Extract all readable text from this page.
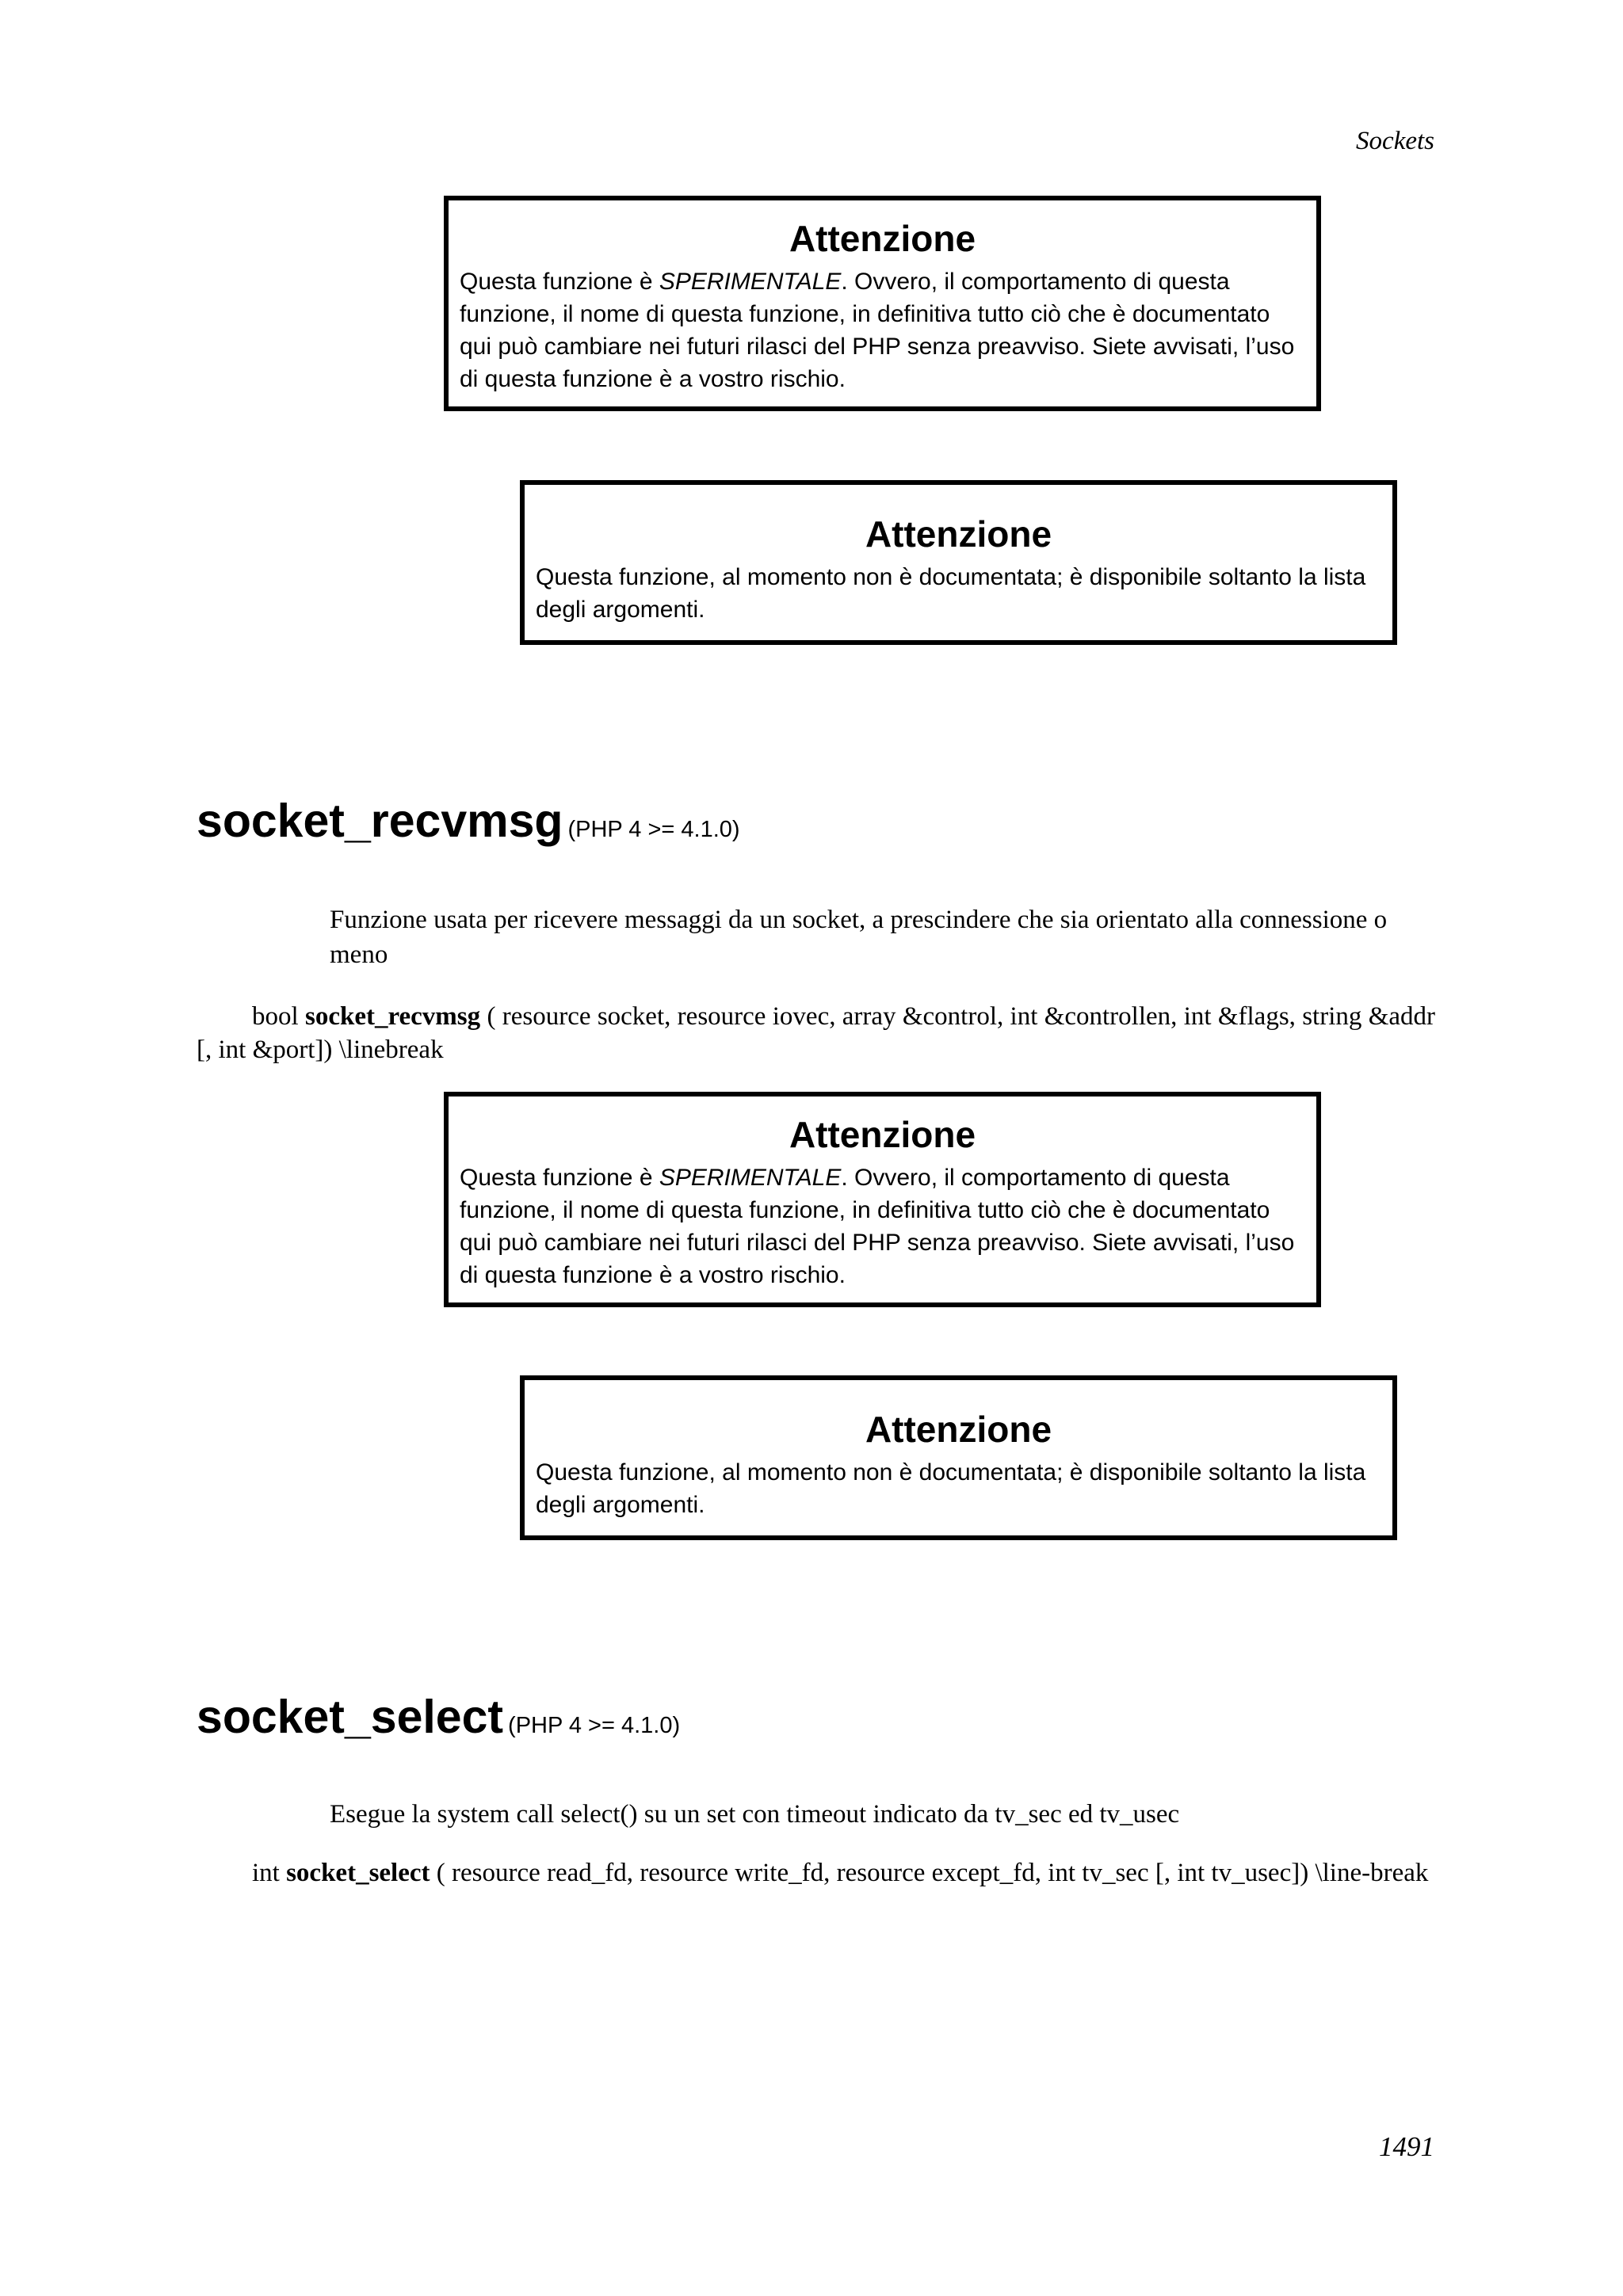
Sockets
Attenzione
Questa funzione è SPERIMENTALE. Ovvero, il comportamento di questa funzione, il nome di questa funzione, in definitiva tutto ciò che è documentato qui può cambiare nei futuri rilasci del PHP senza preavviso. Siete avvisati, l’uso di questa funzione è a vostro rischio.
Attenzione
Questa funzione, al momento non è documentata; è disponibile soltanto la lista degli argomenti.
socket_recvmsg (PHP 4 >= 4.1.0)
Funzione usata per ricevere messaggi da un socket, a prescindere che sia orientato alla connessione o meno
bool socket_recvmsg ( resource socket, resource iovec, array &control, int &controllen, int &flags, string &addr [, int &port]) \linebreak
Attenzione
Questa funzione è SPERIMENTALE. Ovvero, il comportamento di questa funzione, il nome di questa funzione, in definitiva tutto ciò che è documentato qui può cambiare nei futuri rilasci del PHP senza preavviso. Siete avvisati, l’uso di questa funzione è a vostro rischio.
Attenzione
Questa funzione, al momento non è documentata; è disponibile soltanto la lista degli argomenti.
socket_select (PHP 4 >= 4.1.0)
Esegue la system call select() su un set con timeout indicato da tv_sec ed tv_usec
int socket_select ( resource read_fd, resource write_fd, resource except_fd, int tv_sec [, int tv_usec]) \line-break
1491
